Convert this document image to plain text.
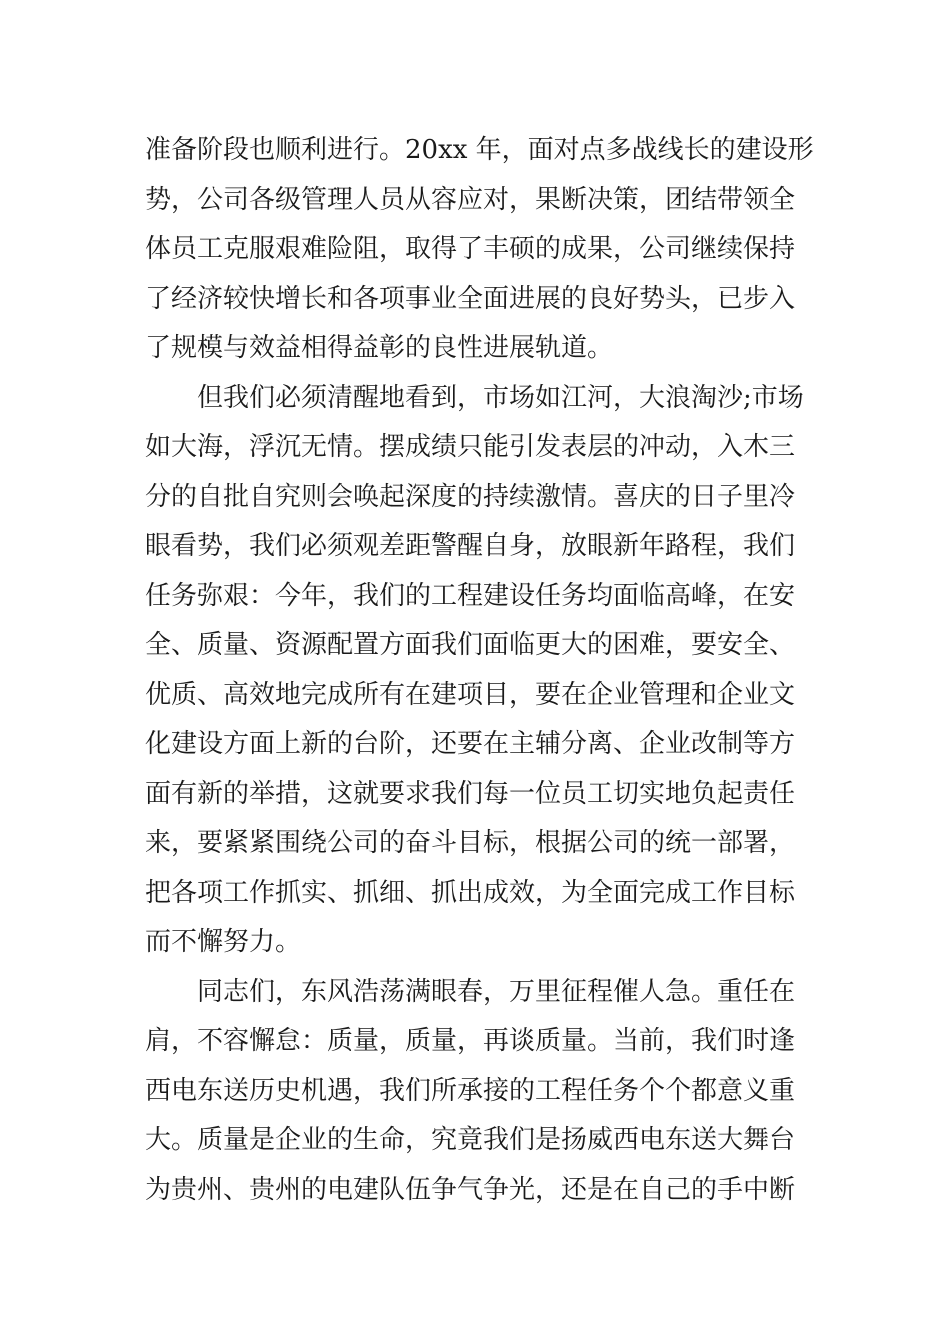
准备阶段也顺利进行。20xx 年，面对点多战线长的建设形
势，公司各级管理人员从容应对，果断决策，团结带领全
体员工克服艰难险阻，取得了丰硕的成果，公司继续保持
了经济较快增长和各项事业全面进展的良好势头，已步入
了规模与效益相得益彰的良性进展轨道。
但我们必须清醒地看到，市场如江河，大浪淘沙;市场
如大海，浮沉无情。摆成绩只能引发表层的冲动，入木三
分的自批自究则会唤起深度的持续激情。喜庆的日子里冷
眼看势，我们必须观差距警醒自身，放眼新年路程，我们
任务弥艰：今年，我们的工程建设任务均面临高峰，在安
全、质量、资源配置方面我们面临更大的困难，要安全、
优质、高效地完成所有在建项目，要在企业管理和企业文
化建设方面上新的台阶，还要在主辅分离、企业改制等方
面有新的举措，这就要求我们每一位员工切实地负起责任
来，要紧紧围绕公司的奋斗目标，根据公司的统一部署，
把各项工作抓实、抓细、抓出成效，为全面完成工作目标
而不懈努力。
同志们，东风浩荡满眼春，万里征程催人急。重任在
肩，不容懈怠：质量，质量，再谈质量。当前，我们时逢
西电东送历史机遇，我们所承接的工程任务个个都意义重
大。质量是企业的生命，究竟我们是扬威西电东送大舞台
为贵州、贵州的电建队伍争气争光，还是在自己的手中断
